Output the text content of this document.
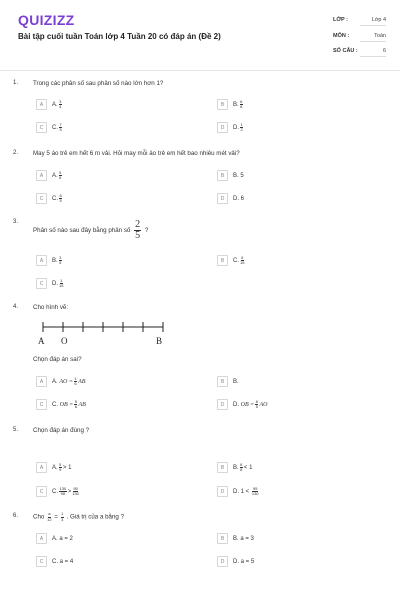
QUIZIZZ
Bài tập cuối tuần Toán lớp 4 Tuần 20 có đáp án (Đề 2)
LỚP :	Lớp 4
MÔN :	Toán
SỐ CÂU :	6
1. Trong các phân số sau phân số nào lớn hơn 1?
A	A. $\frac{3}{4}$	B	B. $\frac{6}{8}$
C	C. $\frac{7}{5}$	D	D. $\frac{1}{2}$
2. May 5 áo trẻ em hết 6 m vải. Hỏi may mỗi áo trẻ em hết bao nhiêu mét vải?
A	A. $\frac{5}{6}$	B	B. 5
C	C. $\frac{6}{5}$	D	D. 6
3.
Phân số nào sau đây bằng phân số $\frac{2}{5}$ ?
A	B. $\frac{3}{5}$	B	C. $\frac{6}{15}$
C	D. $\frac{1}{15}$
4. Cho hình vẽ:
A O	B
Chọn đáp án sai?
A	A.
AO = $\frac{1}{6}$ AB	B	B.
C	C.
OB = $\frac{5}{6}$ AB	D	D.
OB = $\frac{6}{5}$ AO
5. Chọn đáp án đúng ?
A	A. $\frac{5}{9} > 1$	B	B. $\frac{8}{8} < 1$
C	C. $\frac{130}{98} > \frac{95}{130}$	D	D. 1 <
$\frac{95}{130}$
6. Cho $\frac{a}{12} = \frac{1}{3}$ . Giá trị của a bằng ?
A	A. a = 2	B	B. a = 3
C	C. a = 4	D	D. a = 5
